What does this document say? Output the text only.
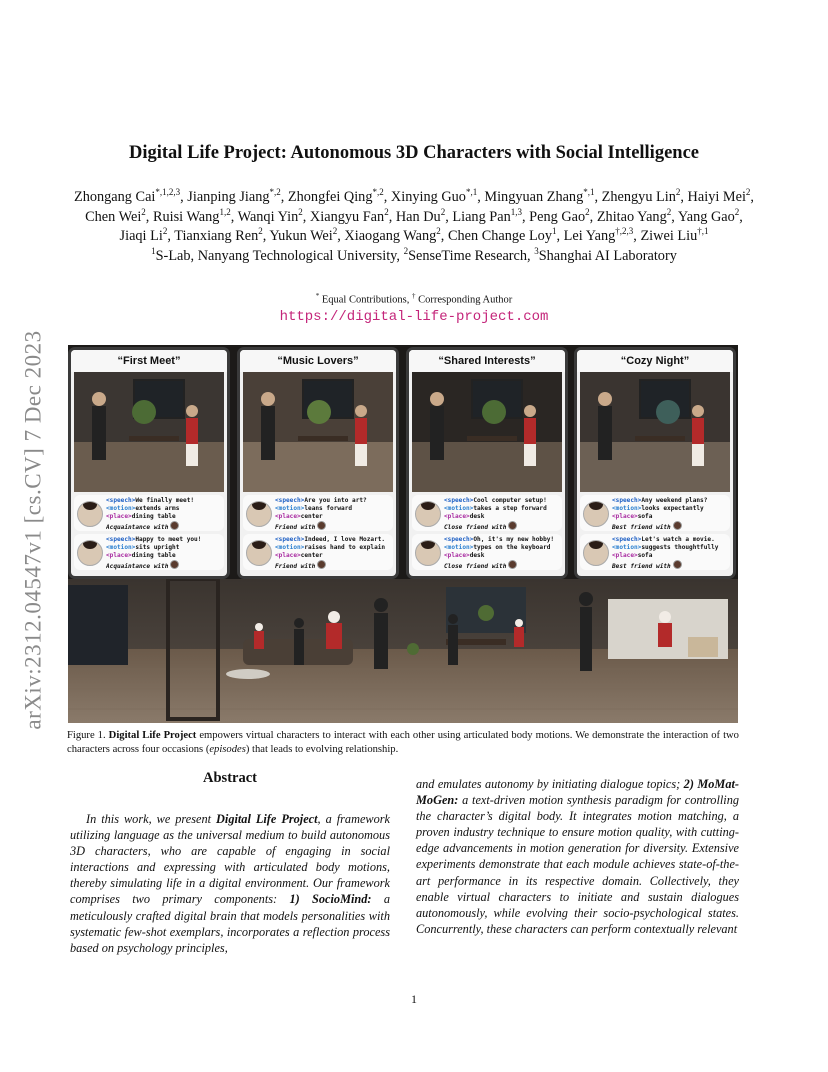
arXiv:2312.04547v1 [cs.CV] 7 Dec 2023
Digital Life Project: Autonomous 3D Characters with Social Intelligence
Zhongang Cai$^{*,1,2,3}$, Jianping Jiang$^{*,2}$, Zhongfei Qing$^{*,2}$, Xinying Guo$^{*,1}$, Mingyuan Zhang$^{*,1}$, Zhengyu Lin$^2$, Haiyi Mei$^2$, Chen Wei$^2$, Ruisi Wang$^{1,2}$, Wanqi Yin$^2$, Xiangyu Fan$^2$, Han Du$^2$, Liang Pan$^{1,3}$, Peng Gao$^2$, Zhitao Yang$^2$, Yang Gao$^2$, Jiaqi Li$^2$, Tianxiang Ren$^2$, Yukun Wei$^2$, Xiaogang Wang$^2$, Chen Change Loy$^1$, Lei Yang$^{\dagger,2,3}$, Ziwei Liu$^{\dagger,1}$
$^1$S-Lab, Nanyang Technological University, $^2$SenseTime Research, $^3$Shanghai AI Laboratory
* Equal Contributions, † Corresponding Author
https://digital-life-project.com
“First Meet”
<speech>We finally meet!
<motion>extends arms
<place>dining table
Acquaintance with
<speech>Happy to meet you!
<motion>sits upright
<place>dining table
Acquaintance with
“Music Lovers”
<speech>Are you into art?
<motion>leans forward
<place>center
Friend with
<speech>Indeed, I love Mozart.
<motion>raises hand to explain
<place>center
Friend with
“Shared Interests”
<speech>Cool computer setup!
<motion>takes a step forward
<place>desk
Close friend with
<speech>Oh, it's my new hobby!
<motion>types on the keyboard
<place>desk
Close friend with
“Cozy Night”
<speech>Any weekend plans?
<motion>looks expectantly
<place>sofa
Best friend with
<speech>Let's watch a movie.
<motion>suggests thoughtfully
<place>sofa
Best friend with
Figure 1. Digital Life Project empowers virtual characters to interact with each other using articulated body motions. We demonstrate the interaction of two characters across four occasions (episodes) that leads to evolving relationship.
Abstract

In this work, we present Digital Life Project, a framework utilizing language as the universal medium to build autonomous 3D characters, who are capable of engaging in social interactions and expressing with articulated body motions, thereby simulating life in a digital environment. Our framework comprises two primary components: 1) SocioMind: a meticulously crafted digital brain that models personalities with systematic few-shot exemplars, incorporates a reflection process based on psychology principles,

and emulates autonomy by initiating dialogue topics; 2) MoMat-MoGen: a text-driven motion synthesis paradigm for controlling the character’s digital body. It integrates motion matching, a proven industry technique to ensure motion quality, with cutting-edge advancements in motion generation for diversity. Extensive experiments demonstrate that each module achieves state-of-the-art performance in its respective domain. Collectively, they enable virtual characters to initiate and sustain dialogues autonomously, while evolving their socio-psychological states. Concurrently, these characters can perform contextually relevant

1
